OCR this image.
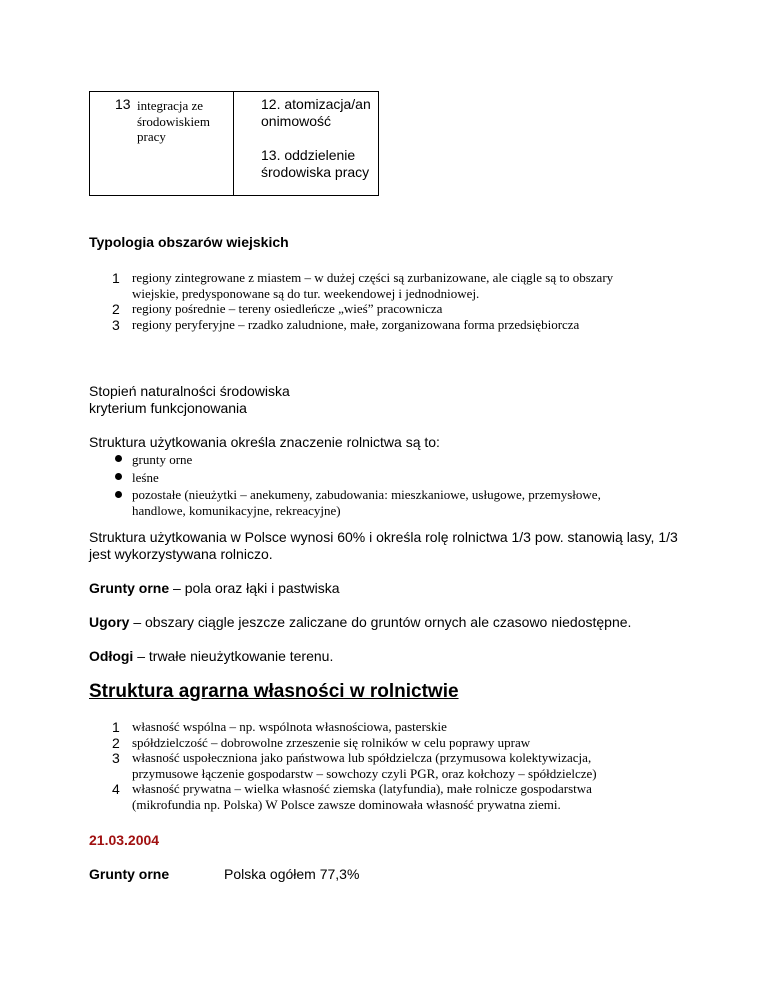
13 integracja ze środowiskiem pracy
12. atomizacja/anonimowość
13. oddzielenie środowiska pracy
Typologia obszarów wiejskich
1 regiony zintegrowane z miastem – w dużej części są zurbanizowane, ale ciągle są to obszary wiejskie, predysponowane są do tur. weekendowej i jednodniowej.
2 regiony pośrednie – tereny osiedleńcze „wieś” pracownicza
3 regiony peryferyjne – rzadko zaludnione, małe, zorganizowana forma przedsiębiorcza
Stopień naturalności środowiska
kryterium funkcjonowania
Struktura użytkowania określa znaczenie rolnictwa są to:
grunty orne
leśne
pozostałe (nieużytki – anekumeny, zabudowania: mieszkaniowe, usługowe, przemysłowe, handlowe, komunikacyjne, rekreacyjne)
Struktura użytkowania w Polsce wynosi 60% i określa rolę rolnictwa 1/3 pow. stanowią lasy, 1/3 jest wykorzystywana rolniczo.
Grunty orne – pola oraz łąki i pastwiska
Ugory – obszary ciągle jeszcze zaliczane do gruntów ornych ale czasowo niedostępne.
Odłogi – trwałe nieużytkowanie terenu.
Struktura agrarna własności w rolnictwie
1 własność wspólna – np. wspólnota własnościowa, pasterskie
2 spółdzielczość – dobrowolne zrzeszenie się rolników w celu poprawy upraw
3 własność uspołeczniona jako państwowa lub spółdzielcza (przymusowa kolektywizacja, przymusowe łączenie gospodarstw – sowchozy czyli PGR, oraz kołchozy – spółdzielcze)
4 własność prywatna – wielka własność ziemska (latyfundia), małe rolnicze gospodarstwa (mikrofundia np. Polska) W Polsce zawsze dominowała własność prywatna ziemi.
21.03.2004
Grunty orne	Polska ogółem 77,3%
